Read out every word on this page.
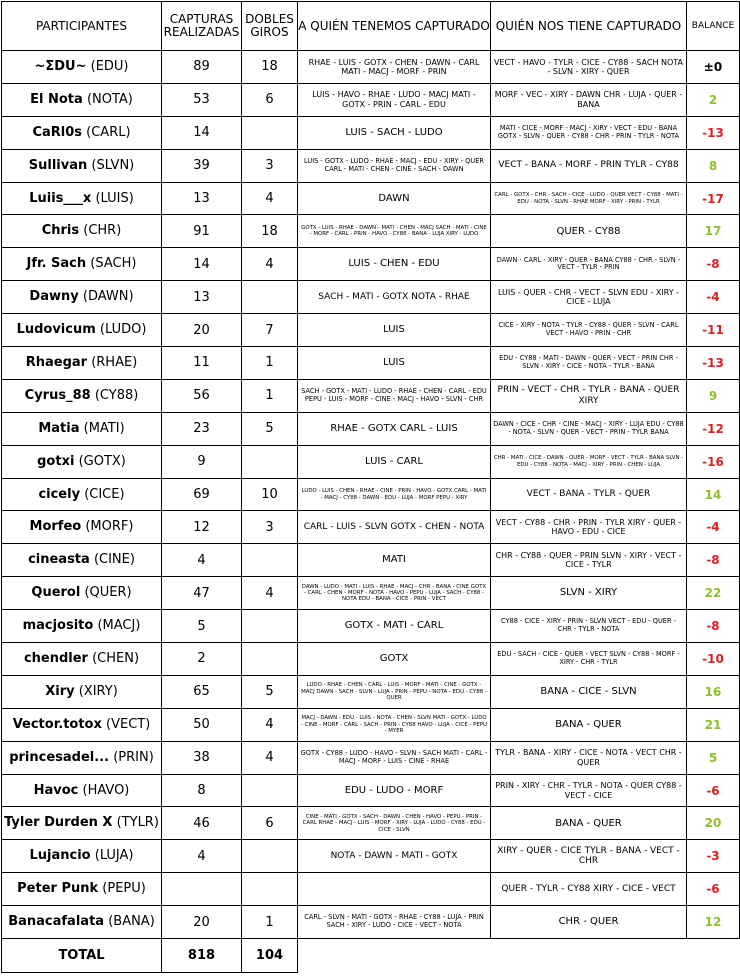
PARTICIPANTES	CAPTURAS REALIZADAS	DOBLES GIROS	A QUIÉN TENEMOS CAPTURADO	QUIÉN NOS TIENE CAPTURADO	BALANCE
~ΣDU~ (EDU)	89	18	RHAE - LUIS - GOTX - CHEN - DAWN - CARL MATI - MACJ - MORF - PRIN	VECT - HAVO - TYLR - CICE - CY88 - SACH NOTA - SLVN - XIRY - QUER	±0
El Nota (NOTA)	53	6	LUIS - HAVO - RHAE - LUDO - MACJ MATI - GOTX - PRIN - CARL - EDU	MORF - VEC - XIRY - DAWN CHR - LUJA - QUER - BANA	2
CaRl0s (CARL)	14		LUIS - SACH - LUDO	MATI - CICE - MORF - MACJ - XIRY - VECT - EDU - BANA GOTX - SLVN - QUER - CY88 - CHR - PRIN - TYLR - NOTA	-13
Sullivan (SLVN)	39	3	LUIS - GOTX - LUDO - RHAE - MACJ - EDU - XIRY - QUER CARL - MATI - CHEN - CINE - SACH - DAWN	VECT - BANA - MORF - PRIN TYLR - CY88	8
Luiis___x (LUIS)	13	4	DAWN	CARL - GOTX - CHR - SACH - CICE - LUDO - QUER VECT - CY88 - MATI - EDU - NOTA - SLVN - RHAE MORF - XIRY - PRIN - TYLR	-17
Chris (CHR)	91	18	GOTX - LUIS - RHAE - DAWN - MATI - CHEN - MACJ SACH - MATI - CINE - MORF - CARL - PRIN - HAVO - CY88 - BANA - LUJA XIRY - LUDO	QUER - CY88	17
Jfr. Sach (SACH)	14	4	LUIS - CHEN - EDU	DAWN - CARL - XIRY - QUER - BANA CY88 - CHR - SLVN - VECT - TYLR - PRIN	-8
Dawny (DAWN)	13		SACH - MATI - GOTX NOTA - RHAE	LUIS - QUER - CHR - VECT - SLVN EDU - XIRY - CICE - LUJA	-4
Ludovicum (LUDO)	20	7	LUIS	CICE - XIRY - NOTA - TYLR - CY88 - QUER - SLVN - CARL VECT - HAVO - PRIN - CHR	-11
Rhaegar (RHAE)	11	1	LUIS	EDU - CY88 - MATI - DAWN - QUER - VECT - PRIN CHR - SLVN - XIRY - CICE - NOTA - TYLR - BANA	-13
Cyrus_88 (CY88)	56	1	SACH - GOTX - MATI - LUDO - RHAE - CHEN - CARL - EDU PEPU - LUIS - MORF - CINE - MACJ - HAVO - SLVN - CHR	PRIN - VECT - CHR - TYLR - BANA - QUER XIRY	9
Matia (MATI)	23	5	RHAE - GOTX CARL - LUIS	DAWN - CICE - CHR - CINE - MACJ - XIRY - LUJA EDU - CY88 - NOTA - SLVN - QUER - VECT - PRIN - TYLR BANA	-12
gotxi (GOTX)	9		LUIS - CARL	CHR - MATI - CICE - DAWN - QUER - MORF - VECT - TYLR - BANA SLVN - EDU - CY88 - NOTA - MACJ - XIRY - PRIN - CHEN - LUJA	-16
cicely (CICE)	69	10	LUDO - LUIS - CHEN - RHAE - CINE - PRIN - HAVO - GOTX CARL - MATI - MACJ - CY88 - DAWN - EDU - LUJA - MORF PEPU - XIRY	VECT - BANA - TYLR - QUER	14
Morfeo (MORF)	12	3	CARL - LUIS - SLVN GOTX - CHEN - NOTA	VECT - CY88 - CHR - PRIN - TYLR XIRY - QUER - HAVO - EDU - CICE	-4
cineasta (CINE)	4		MATI	CHR - CY88 - QUER - PRIN SLVN - XIRY - VECT - CICE - TYLR	-8
Querol (QUER)	47	4	DAWN - LUDO - MATI - LUIS - RHAE - MACJ - CHR - BANA - CINE GOTX - CARL - CHEN - MORF - NOTA - HAVO - PEPU - LUJA - SACH - CY88 - NOTA EDU - BANA - CICE - PRIN - VECT	SLVN - XIRY	22
macjosito (MACJ)	5		GOTX - MATI - CARL	CY88 - CICE - XIRY - PRIN - SLVN VECT - EDU - QUER - CHR - TYLR - NOTA	-8
chendler (CHEN)	2		GOTX	EDU - SACH - CICE - QUER - VECT SLVN - CY88 - MORF - XIRY - CHR - TYLR	-10
Xiry (XIRY)	65	5	LUDO - RHAE - CHEN - CARL - LUIS - MORF - MATI - CINE - GOTX - MACJ DAWN - SACH - SLVN - LUJA - PRIN - PEPU - NOTA - EDU - CY88 - QUER	BANA - CICE - SLVN	16
Vector.totox (VECT)	50	4	MACJ - DAWN - EDU - LUIS - NOTA - CHEN - SLVN MATI - GOTX - LUDO - CINE - MORF - CARL - SACH - PRIN - CY88 HAVO - LUJA - CICE - PEPU - MYER	BANA - QUER	21
princesadel... (PRIN)	38	4	GOTX - CY88 - LUDO - HAVO - SLVN - SACH MATI - CARL - MACJ - MORF - LUIS - CINE - RHAE	TYLR - BANA - XIRY - CICE - NOTA - VECT CHR - QUER	5
Havoc (HAVO)	8		EDU - LUDO - MORF	PRIN - XIRY - CHR - TYLR - NOTA - QUER CY88 - VECT - CICE	-6
Tyler Durden X (TYLR)	46	6	CINE - MATI - GOTX - SACH - DAWN - CHEN - HAVO - PEPU - PRIN - CARL RHAE - MACJ - LUIS - MORF - XIRY - LUJA - LUDO - CY88 - EDU - CICE - SLVN	BANA - QUER	20
Lujancio (LUJA)	4		NOTA - DAWN - MATI - GOTX	XIRY - QUER - CICE TYLR - BANA - VECT - CHR	-3
Peter Punk (PEPU)				QUER - TYLR - CY88 XIRY - CICE - VECT	-6
Banacafalata (BANA)	20	1	CARL - SLVN - MATI - GOTX - RHAE - CY88 - LUJA - PRIN SACH - XIRY - LUDO - CICE - VECT - NOTA	CHR - QUER	12
TOTAL	818	104			
